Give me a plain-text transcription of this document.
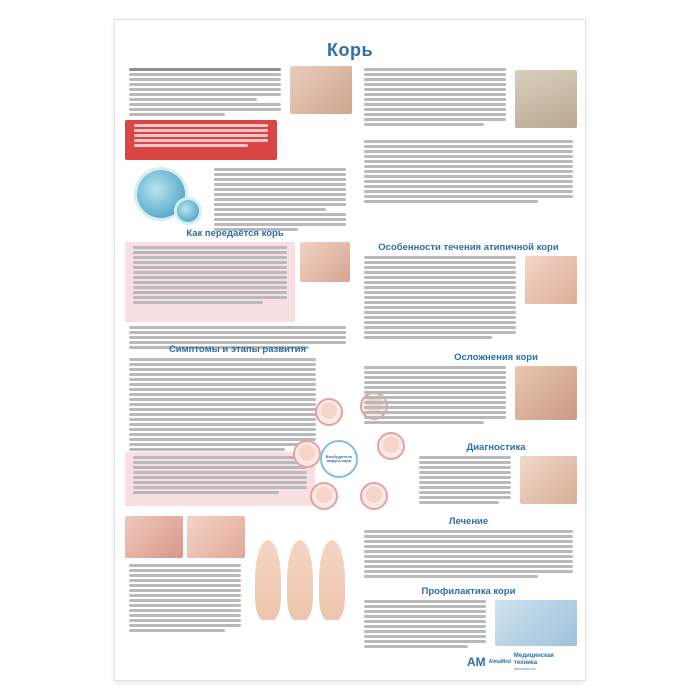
Корь
Как передаётся корь
Особенности течения атипичной кори
Симптомы и этапы развития
Вообудитель вируса кори
Осложнения кори
Диагностика
Лечение
Профилактика кори
AM AlmaMed
Медицинская
техника
almamed.su
